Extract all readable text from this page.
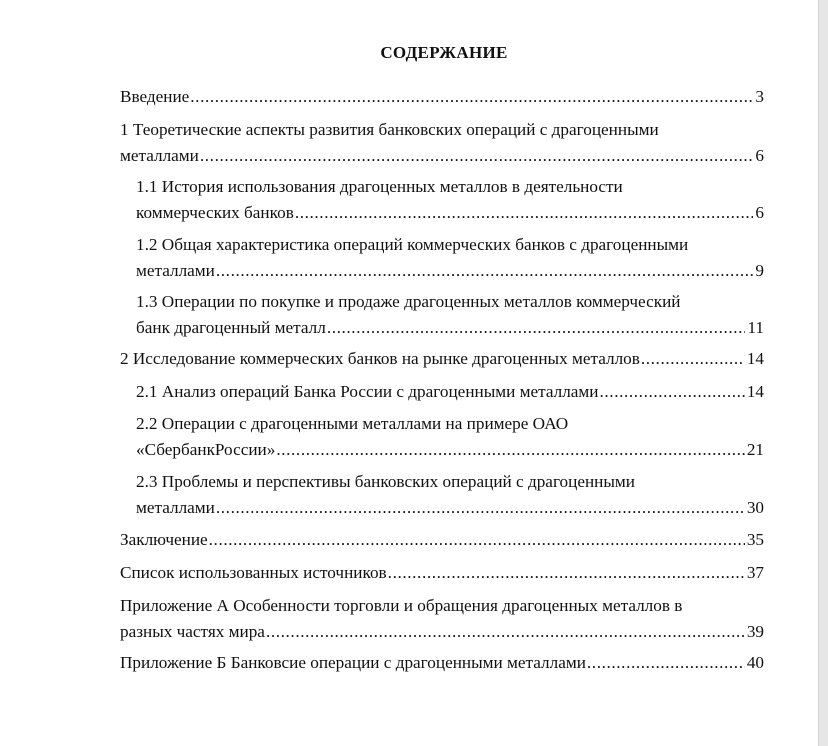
СОДЕРЖАНИЕ
Введение .....	3
1 Теоретические аспекты развития банковских операций с драгоценными
металлами .....	6
1.1 История использования драгоценных металлов в деятельности
коммерческих банков .....	6
1.2 Общая характеристика операций коммерческих банков с драгоценными
металлами .....	9
1.3 Операции по покупке и продаже драгоценных металлов коммерческий
банк драгоценный металл .....	11
2 Исследование коммерческих банков на рынке драгоценных металлов .....	14
2.1 Анализ операций Банка России с драгоценными металлами .....	14
2.2 Операции с драгоценными металлами на примере ОАО
«СбербанкРоссии» .....	21
2.3 Проблемы и перспективы банковских операций с драгоценными
металлами .....	30
Заключение .....	35
Список использованных источников .....	37
Приложение А Особенности торговли и обращения драгоценных металлов в
разных частях мира .....	39
Приложение Б Банковсие операции с драгоценными металлами .....	40
